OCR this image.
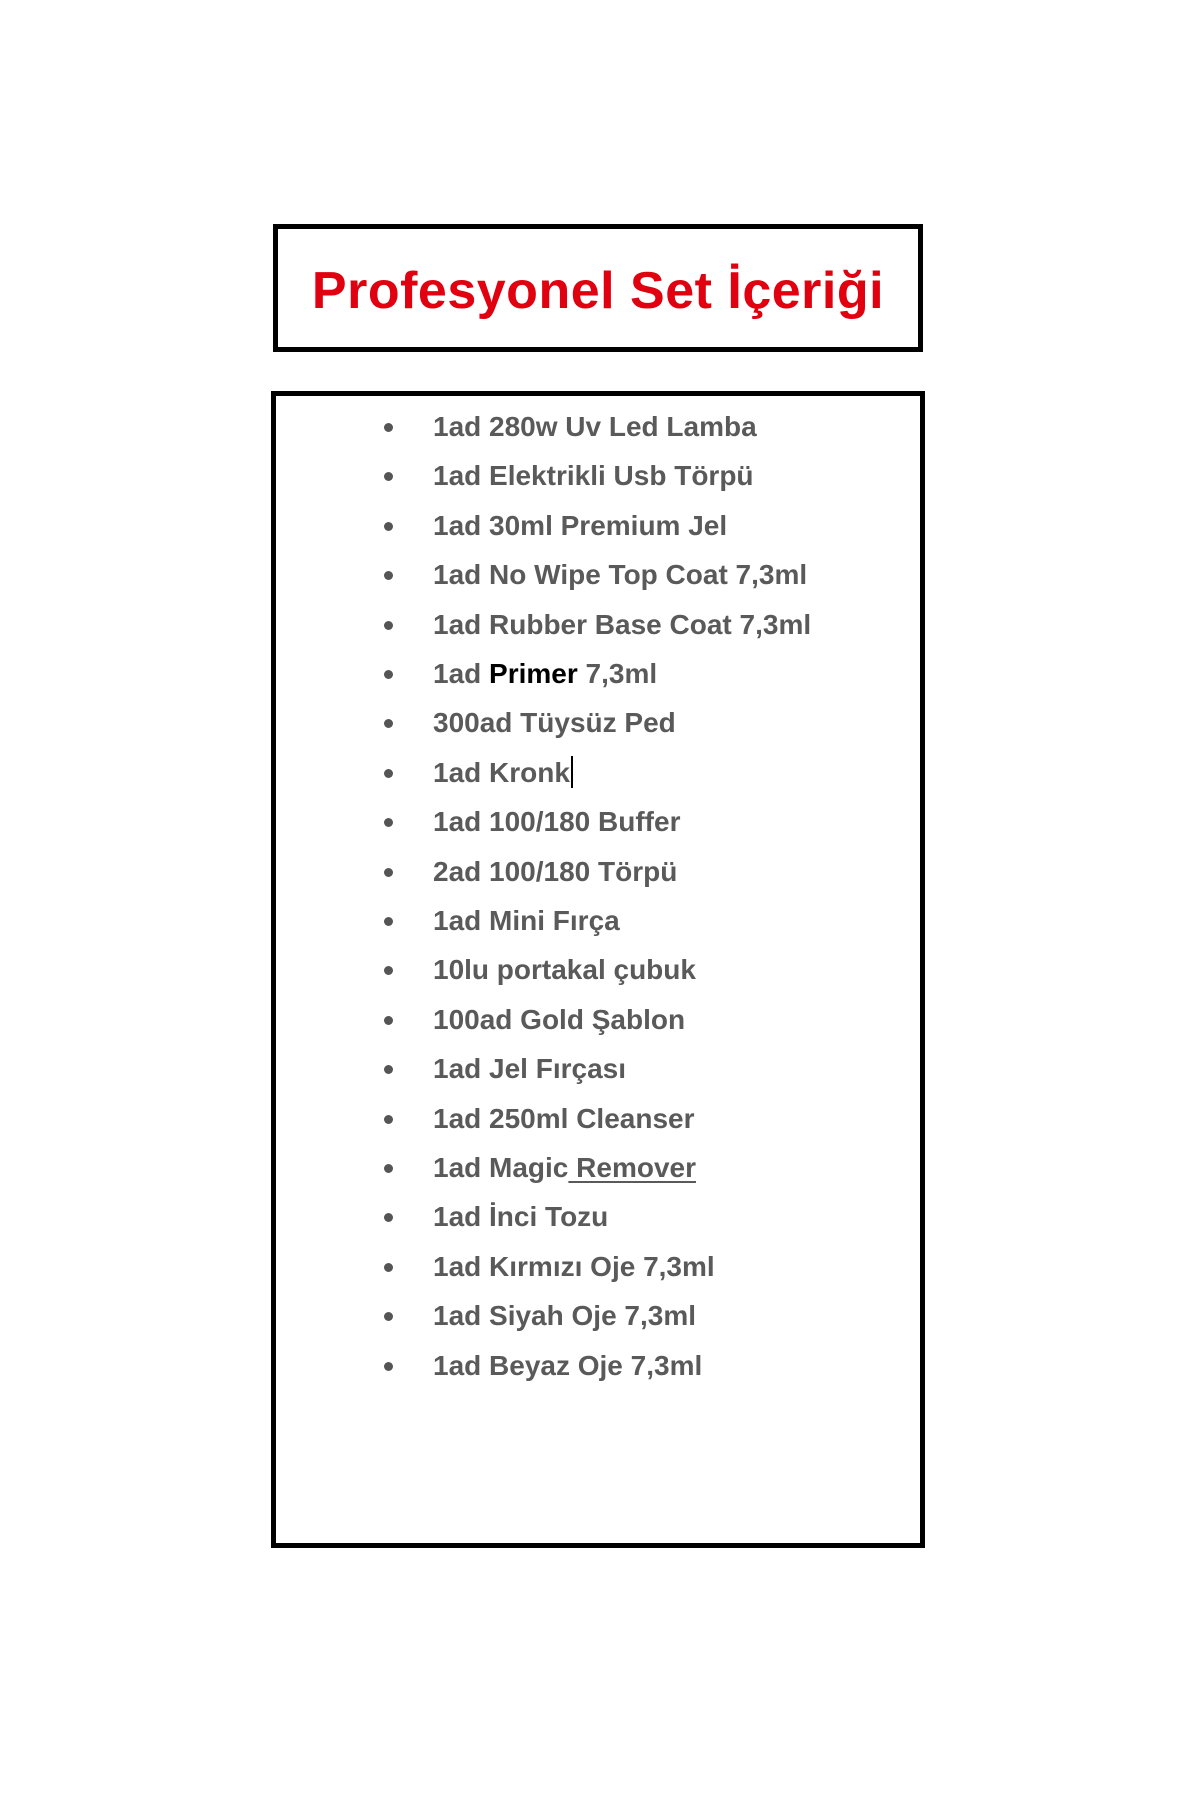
Profesyonel Set İçeriği
1ad 280w Uv Led Lamba
1ad Elektrikli Usb Törpü
1ad 30ml Premium Jel
1ad No Wipe Top Coat 7,3ml
1ad Rubber Base Coat 7,3ml
1ad Primer 7,3ml
300ad Tüysüz Ped
1ad Kronk
1ad 100/180 Buffer
2ad 100/180 Törpü
1ad Mini Fırça
10lu portakal çubuk
100ad Gold Şablon
1ad Jel Fırçası
1ad 250ml Cleanser
1ad Magic Remover
1ad İnci Tozu
1ad Kırmızı Oje 7,3ml
1ad Siyah Oje 7,3ml
1ad Beyaz Oje 7,3ml
